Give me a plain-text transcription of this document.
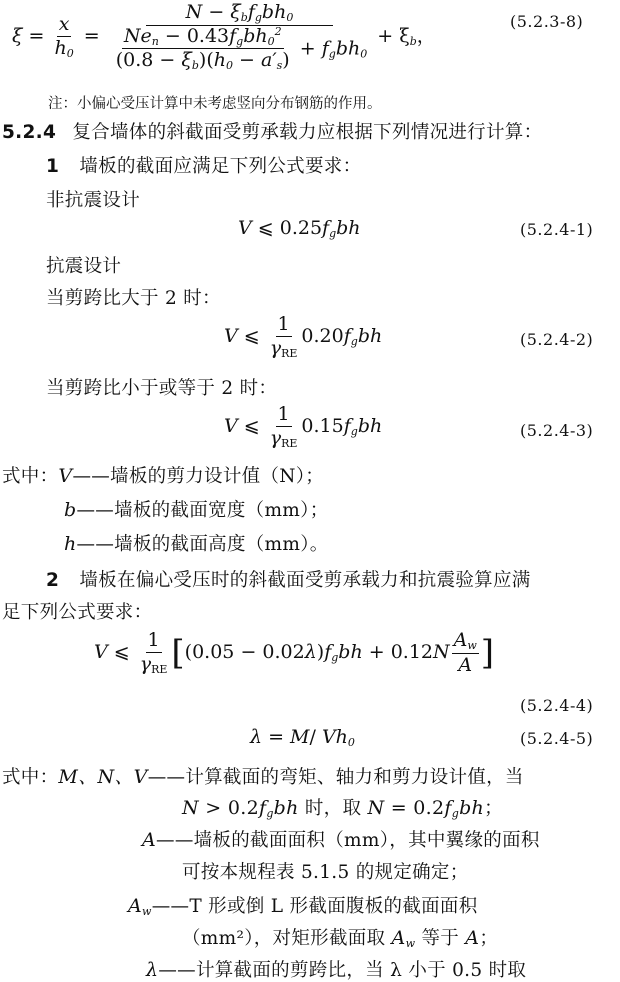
$\xi = \frac{x}{h_0}$ =
$N - \xi_bf_gbh_0$
$\frac{Ne_n - 0.43f_gbh_0^2}{(0.8 - \xi_b)(h_0 - a'_s)} + f_gbh_0$
+ $\xi_b$，
(5.2.3-8)
注：小偏心受压计算中未考虑竖向分布钢筋的作用。
5.2.4 复合墙体的斜截面受剪承载力应根据下列情况进行计算：
1 墙板的截面应满足下列公式要求：
非抗震设计
V ⩽ $0.25f_gbh$	(5.2.4-1)
抗震设计
当剪跨比大于 2 时：
V ⩽ $\frac{1}{\gamma_{RE}} 0.20f_gbh$	(5.2.4-2)
当剪跨比小于或等于 2 时：
V ⩽ $\frac{1}{\gamma_{RE}} 0.15f_gbh$	(5.2.4-3)
式中：V——墙板的剪力设计值（N）；
b——墙板的截面宽度（mm）；
h——墙板的截面高度（mm）。
2 墙板在偏心受压时的斜截面受剪承载力和抗震验算应满
足下列公式要求：
V ⩽ $\frac{1}{\gamma_{RE}} [(0.05 - 0.02\lambda)f_gbh + 0.12N \frac{A_w}{A}$ ]
(5.2.4-4)
λ = M/ $Vh_0$	(5.2.4-5)
式中：M、N、V——计算截面的弯矩、轴力和剪力设计值，当
$N > 0.2f_gbh$ 时，取 $N = 0.2f_gbh$；
A——墙板的截面面积（mm），其中翼缘的面积
可按本规程表 5.1.5 的规定确定；
$A_w——T$ 形或倒 L 形截面腹板的截面面积
（mm²），对矩形截面取 $A_w$ 等于 A；
λ——计算截面的剪跨比，当 λ 小于 0.5 时取
